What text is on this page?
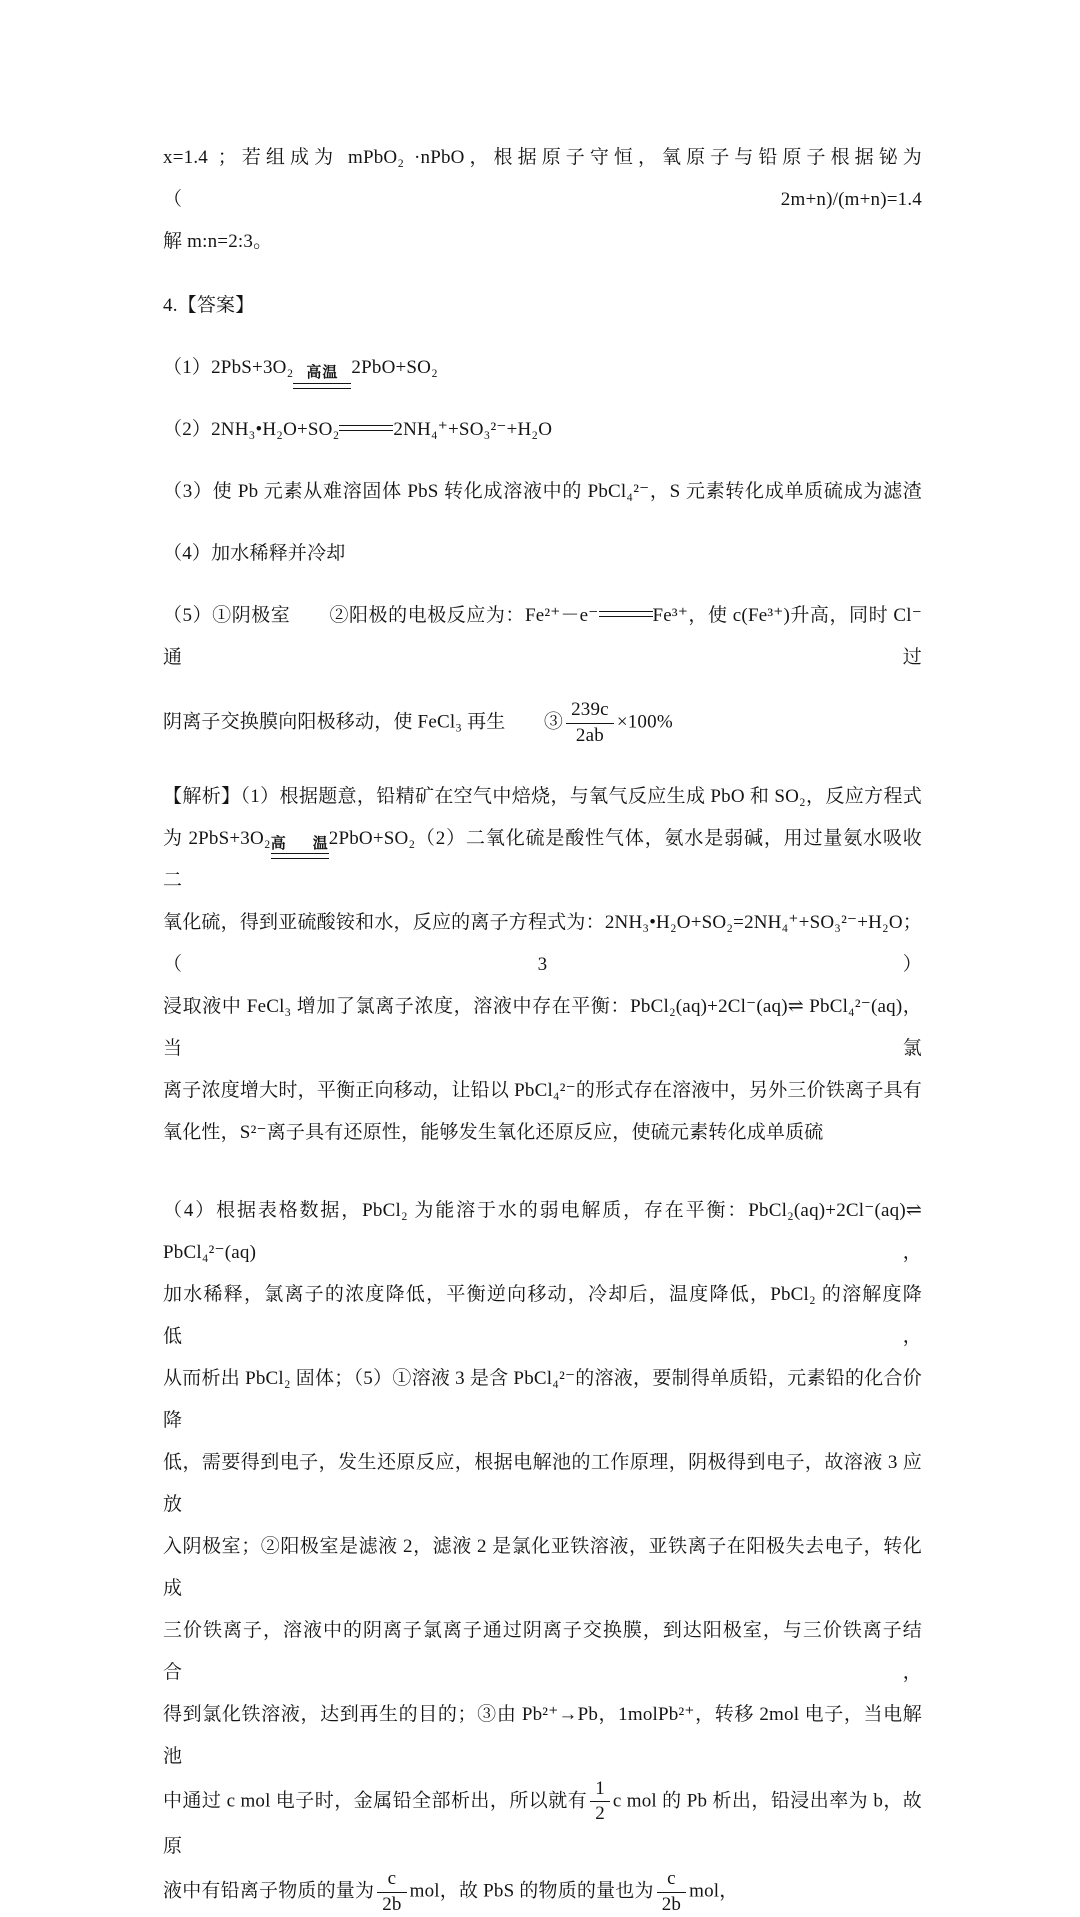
x=1.4 ；若组成为 mPbO₂ ·nPbO，根据原子守恒，氧原子与铅原子根据铋为（2m+n)/(m+n)=1.4
解 m:n=2:3。
4.【答案】
（1）2PbS+3O₂ 高温 2PbO+SO₂
（2）2NH₃•H₂O+SO₂	2NH₄⁺+SO₃²⁻+H₂O
（3）使 Pb 元素从难溶固体 PbS 转化成溶液中的 PbCl₄²⁻，S 元素转化成单质硫成为滤渣
（4）加水稀释并冷却
（5）①阴极室　　②阳极的电极反应为：Fe²⁺－e⁻	Fe³⁺，使 c(Fe³⁺)升高，同时 Cl⁻通过
阴离子交换膜向阳极移动，使 FeCl₃ 再生　　③ $\frac{239c}{2ab} \times 100\%$
【解析】（1）根据题意，铅精矿在空气中焙烧，与氧气反应生成 PbO 和 SO₂，反应方程式
为 2PbS+3O₂ 高温 2PbO+SO₂（2）二氧化硫是酸性气体，氨水是弱碱，用过量氨水吸收二
氧化硫，得到亚硫酸铵和水，反应的离子方程式为：2NH₃•H₂O+SO₂=2NH₄⁺+SO₃²⁻+H₂O；（3）
浸取液中 FeCl₃ 增加了氯离子浓度，溶液中存在平衡：PbCl₂(aq)+2Cl⁻(aq)⇌ PbCl₄²⁻(aq)，当氯
离子浓度增大时，平衡正向移动，让铅以 PbCl₄²⁻的形式存在溶液中，另外三价铁离子具有
氧化性，S²⁻离子具有还原性，能够发生氧化还原反应，使硫元素转化成单质硫
（4）根据表格数据，PbCl₂ 为能溶于水的弱电解质，存在平衡：PbCl₂(aq)+2Cl⁻(aq)⇌ PbCl₄²⁻(aq)，
加水稀释，氯离子的浓度降低，平衡逆向移动，冷却后，温度降低，PbCl₂ 的溶解度降低，
从而析出 PbCl₂ 固体；（5）①溶液 3 是含 PbCl₄²⁻的溶液，要制得单质铅，元素铅的化合价降
低，需要得到电子，发生还原反应，根据电解池的工作原理，阴极得到电子，故溶液 3 应放
入阴极室；②阳极室是滤液 2，滤液 2 是氯化亚铁溶液，亚铁离子在阳极失去电子，转化成
三价铁离子，溶液中的阴离子氯离子通过阴离子交换膜，到达阳极室，与三价铁离子结合，
得到氯化铁溶液，达到再生的目的；③由 Pb²⁺→Pb，1molPb²⁺，转移 2mol 电子，当电解池
中通过 c mol 电子时，金属铅全部析出，所以就有 $\frac{1}{2}$ c mol 的 Pb 析出，铅浸出率为 b，故原
液中有铅离子物质的量为 $\frac{c}{2b}$ mol，故 PbS 的物质的量也为 $\frac{c}{2b}$ mol，
